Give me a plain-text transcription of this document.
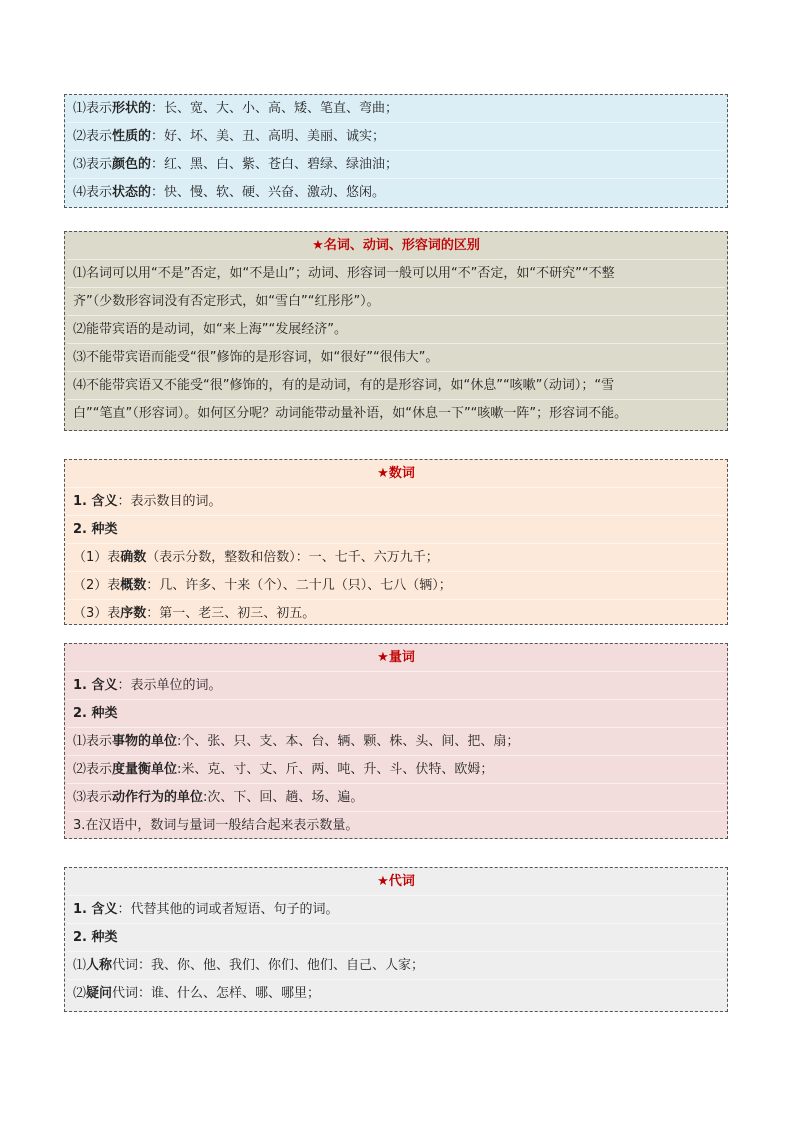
⑴表示形状的：长、宽、大、小、高、矮、笔直、弯曲；
⑵表示性质的：好、坏、美、丑、高明、美丽、诚实；
⑶表示颜色的：红、黑、白、紫、苍白、碧绿、绿油油；
⑷表示状态的：快、慢、软、硬、兴奋、激动、悠闲。
★名词、动词、形容词的区别
⑴名词可以用“不是”否定，如“不是山”；动词、形容词一般可以用“不”否定，如“不研究”“不整
齐”（少数形容词没有否定形式，如“雪白”“红彤彤”）。
⑵能带宾语的是动词，如“来上海”“发展经济”。
⑶不能带宾语而能受“很”修饰的是形容词，如“很好”“很伟大”。
⑷不能带宾语又不能受“很”修饰的，有的是动词，有的是形容词，如“休息”“咳嗽”（动词）；“雪
白”“笔直”（形容词）。如何区分呢？动词能带动量补语，如“休息一下”“咳嗽一阵”；形容词不能。
★数词
1. 含义：表示数目的词。
2. 种类
（1）表确数（表示分数，整数和倍数）：一、七千、六万九千；
（2）表概数：几、许多、十来（个）、二十几（只）、七八（辆）；
（3）表序数：第一、老三、初三、初五。
★量词
1. 含义：表示单位的词。
2. 种类
⑴表示事物的单位:个、张、只、支、本、台、辆、颗、株、头、间、把、扇；
⑵表示度量衡单位:米、克、寸、丈、斤、两、吨、升、斗、伏特、欧姆；
⑶表示动作行为的单位:次、下、回、趟、场、遍。
3.在汉语中，数词与量词一般结合起来表示数量。
★代词
1. 含义：代替其他的词或者短语、句子的词。
2. 种类
⑴人称代词：我、你、他、我们、你们、他们、自己、人家；
⑵疑问代词：谁、什么、怎样、哪、哪里；
